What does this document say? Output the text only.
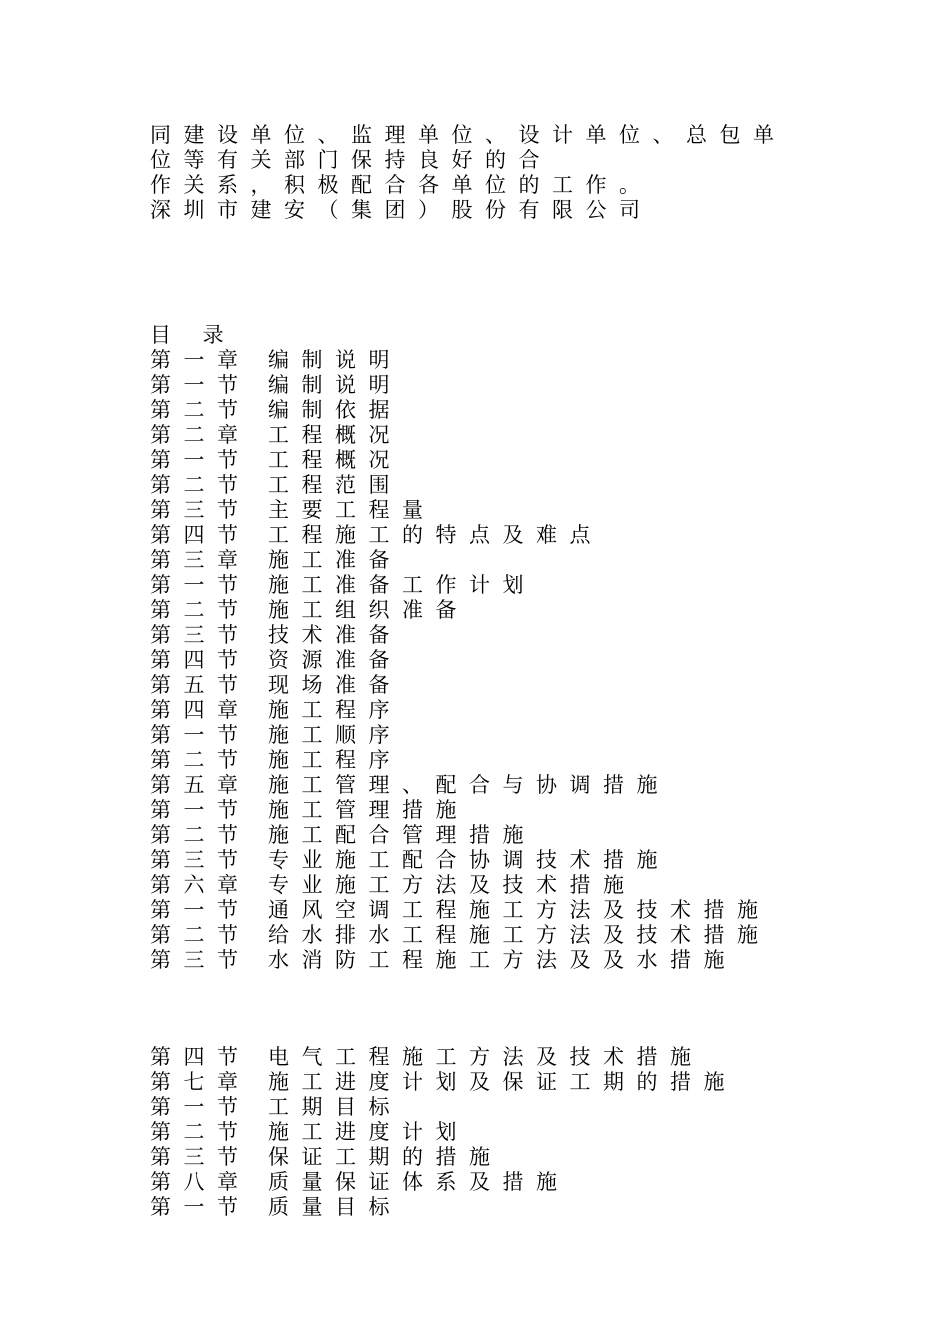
同建设单位、监理单位、设计单位、总包单
位等有关部门保持良好的合
作关系，积极配合各单位的工作。
深圳市建安（集团）股份有限公司
目 录
第一章 编制说明
第一节 编制说明
第二节 编制依据
第二章 工程概况
第一节 工程概况
第二节 工程范围
第三节 主要工程量
第四节 工程施工的特点及难点
第三章 施工准备
第一节 施工准备工作计划
第二节 施工组织准备
第三节 技术准备
第四节 资源准备
第五节 现场准备
第四章 施工程序
第一节 施工顺序
第二节 施工程序
第五章 施工管理、配合与协调措施
第一节 施工管理措施
第二节 施工配合管理措施
第三节 专业施工配合协调技术措施
第六章 专业施工方法及技术措施
第一节 通风空调工程施工方法及技术措施
第二节 给水排水工程施工方法及技术措施
第三节 水消防工程施工方法及及水措施
第四节 电气工程施工方法及技术措施
第七章 施工进度计划及保证工期的措施
第一节 工期目标
第二节 施工进度计划
第三节 保证工期的措施
第八章 质量保证体系及措施
第一节 质量目标
